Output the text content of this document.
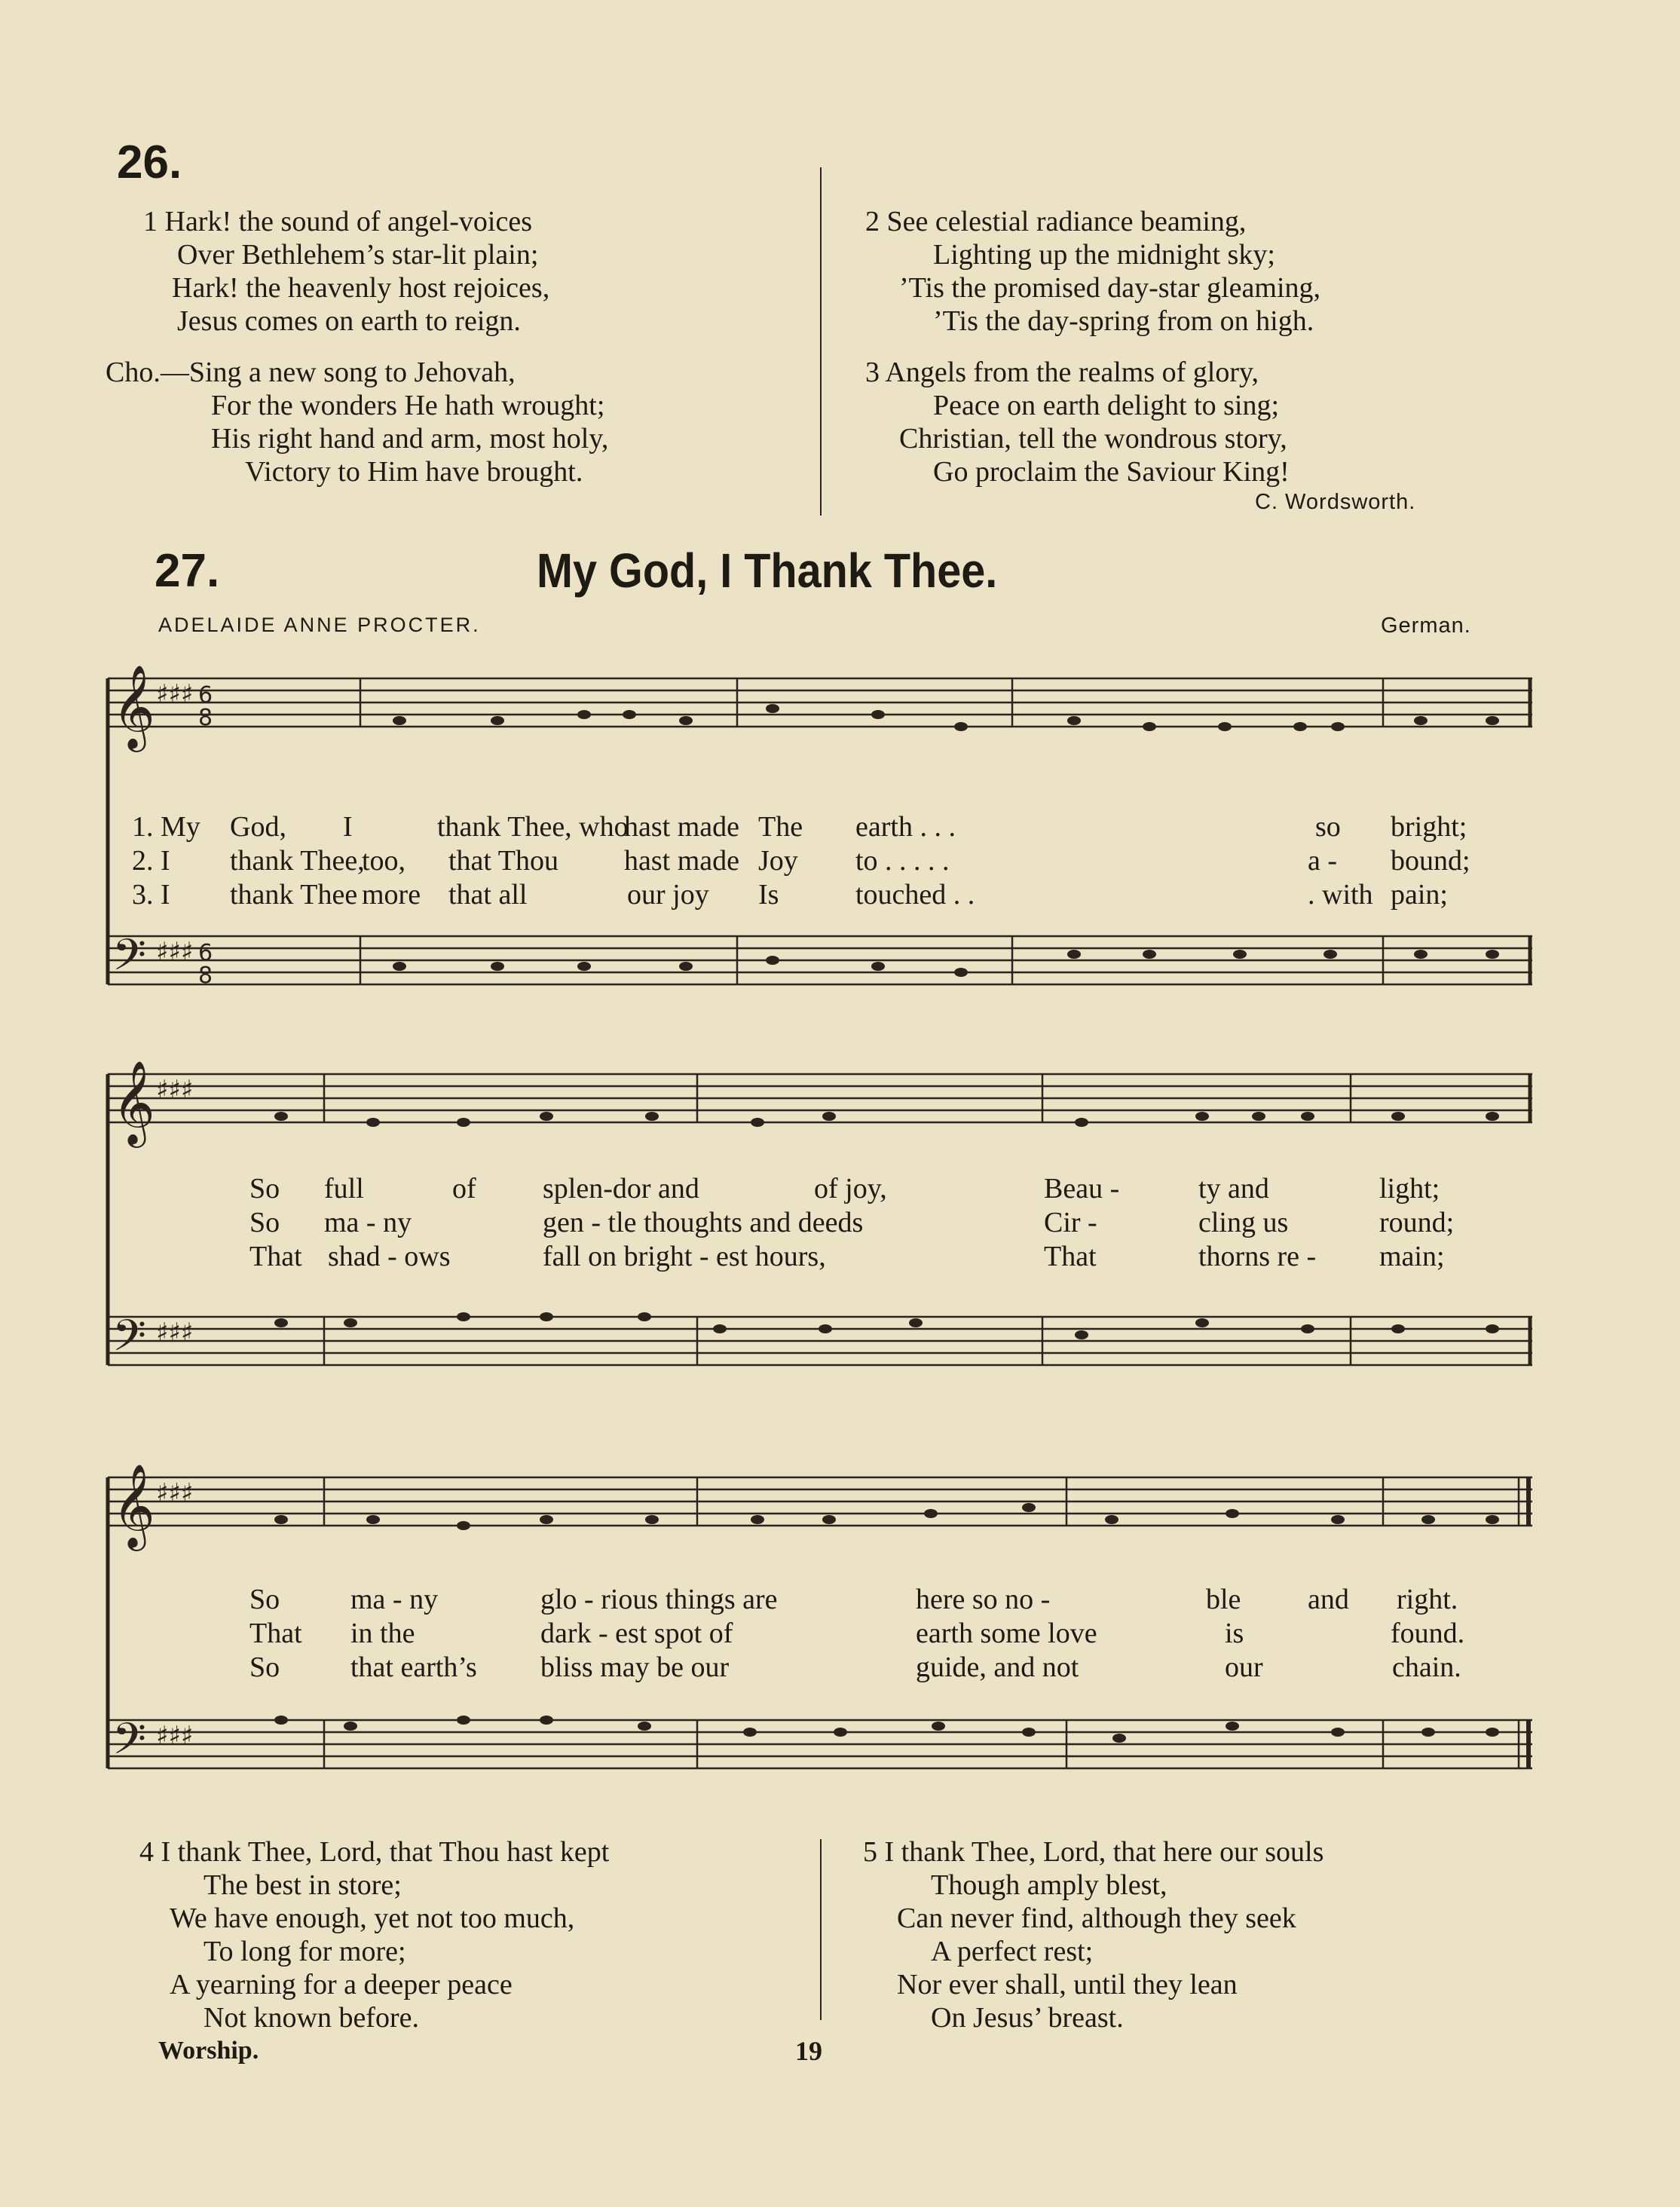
26.
1 Hark! the sound of angel-voices
Over Bethlehem’s star-lit plain;
Hark! the heavenly host rejoices,
Jesus comes on earth to reign.
Cho.—Sing a new song to Jehovah,
For the wonders He hath wrought;
His right hand and arm, most holy,
Victory to Him have brought.
2 See celestial radiance beaming,
Lighting up the midnight sky;
’Tis the promised day-star gleaming,
’Tis the day-spring from on high.
3 Angels from the realms of glory,
Peace on earth delight to sing;
Christian, tell the wondrous story,
Go proclaim the Saviour King!
C. Wordsworth.
27.	My God, I Thank Thee.
ADELAIDE ANNE PROCTER.	German.
𝄞
𝄢
♯♯♯
♯♯♯
6
8
6
8
1. My God, I	thank Thee, who
hast made The earth . . .	so bright;
2. I thank Thee,
too, that Thou hast made Joy to . . . . .	a - bound;
3. I thank Thee more that all	our joy Is	touched . .	. with pain;
𝄞
𝄢
♯♯♯
♯♯♯
So full	of splen-dor and	of joy,	Beau -	ty and	light;
So ma - ny	gen - tle thoughts and deeds	Cir -	cling us	round;
That shad - ows	fall on bright - est hours,	That	thorns re - main;
𝄞
𝄢
♯♯♯
♯♯♯
So ma - ny	glo - rious things are	here so no -	ble and right.
That in the	dark - est spot of	earth some love	is	found.
So that earth’s bliss may be our	guide, and not	our	chain.
4 I thank Thee, Lord, that Thou hast kept
The best in store;
We have enough, yet not too much,
To long for more;
A yearning for a deeper peace
Not known before.
5 I thank Thee, Lord, that here our souls
Though amply blest,
Can never find, although they seek
A perfect rest;
Nor ever shall, until they lean
On Jesus’ breast.
Worship.	19
